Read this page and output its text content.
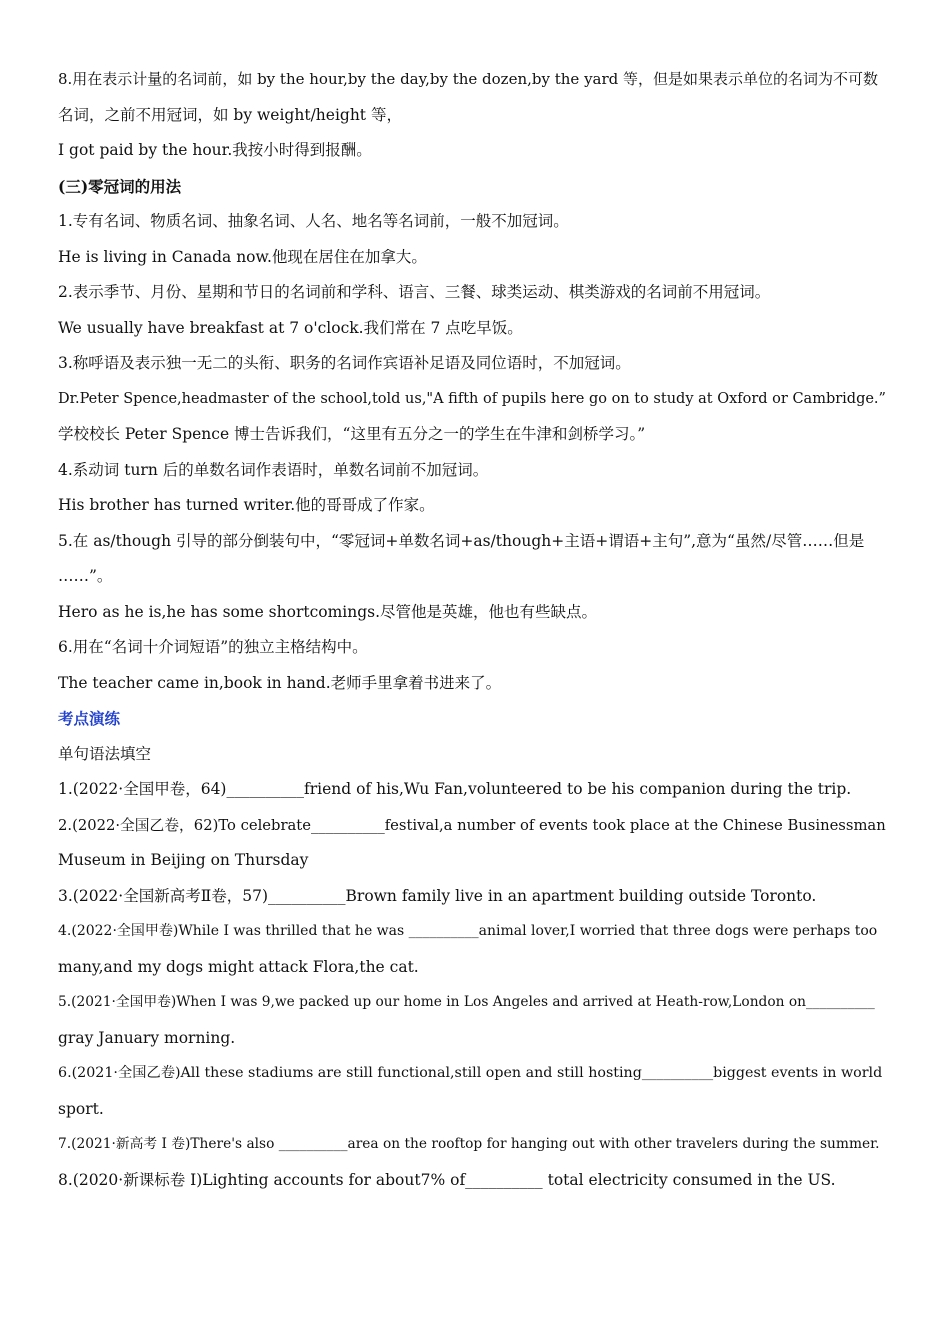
8.用在表示计量的名词前，如 by the hour,by the day,by the dozen,by the yard 等，但是如果表示单位的名词为不可数

名词，之前不用冠词，如 by weight/height 等，

I got paid by the hour.我按小时得到报酬。

(三)零冠词的用法

1.专有名词、物质名词、抽象名词、人名、地名等名词前，一般不加冠词。

He is living in Canada now.他现在居住在加拿大。

2.表示季节、月份、星期和节日的名词前和学科、语言、三餐、球类运动、棋类游戏的名词前不用冠词。

We usually have breakfast at 7 o'clock.我们常在 7 点吃早饭。

3.称呼语及表示独一无二的头衔、职务的名词作宾语补足语及同位语时，不加冠词。

Dr.Peter Spence,headmaster of the school,told us,"A fifth of pupils here go on to study at Oxford or Cambridge.”

学校校长 Peter Spence 博士告诉我们，“这里有五分之一的学生在牛津和剑桥学习。”

4.系动词 turn 后的单数名词作表语时，单数名词前不加冠词。

His brother has turned writer.他的哥哥成了作家。

5.在 as/though 引导的部分倒装句中，“零冠词+单数名词+as/though+主语+谓语+主句”,意为“虽然/尽管……但是

……”。

Hero as he is,he has some shortcomings.尽管他是英雄，他也有些缺点。

6.用在“名词十介词短语”的独立主格结构中。

The teacher came in,book in hand.老师手里拿着书进来了。

考点演练

单句语法填空

1.(2022·全国甲卷，64)__________friend of his,Wu Fan,volunteered to be his companion during the trip.

2.(2022·全国乙卷，62)To celebrate__________festival,a number of events took place at the Chinese Businessman

Museum in Beijing on Thursday

3.(2022·全国新高考Ⅱ卷，57)__________Brown family live in an apartment building outside Toronto.

4.(2022·全国甲卷)While I was thrilled that he was __________animal lover,I worried that three dogs were perhaps too

many,and my dogs might attack Flora,the cat.

5.(2021·全国甲卷)When I was 9,we packed up our home in Los Angeles and arrived at Heath-row,London on__________

gray January morning.

6.(2021·全国乙卷)All these stadiums are still functional,still open and still hosting__________biggest events in world

sport.

7.(2021·新高考 I 卷)There's also __________area on the rooftop for hanging out with other travelers during the summer.

8.(2020·新课标卷 I)Lighting accounts for about7% of__________ total electricity consumed in the US.
